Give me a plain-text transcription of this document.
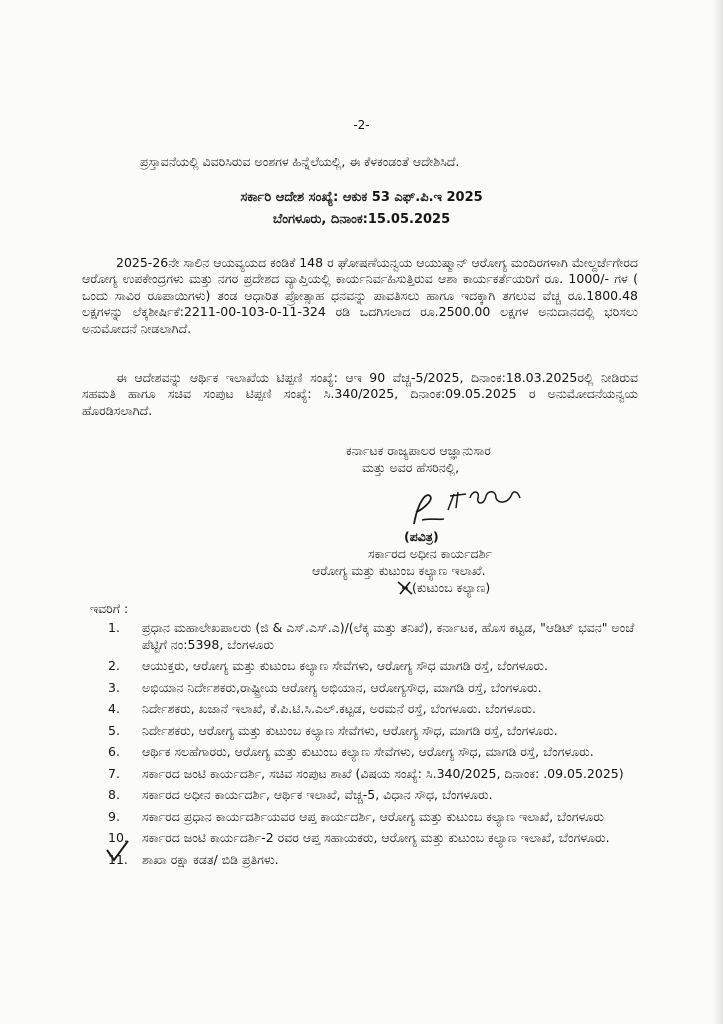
-2-
ಪ್ರಸ್ತಾವನೆಯಲ್ಲಿ ವಿವರಿಸಿರುವ ಅಂಶಗಳ ಹಿನ್ನೆಲೆಯಲ್ಲಿ, ಈ ಕೆಳಕಂಡಂತೆ ಆದೇಶಿಸಿದೆ.
ಸರ್ಕಾರಿ ಆದೇಶ ಸಂಖ್ಯೆ: ಆಕುಕ 53 ಎಫ್.ಪಿ.ಇ 2025
ಬೆಂಗಳೂರು, ದಿನಾಂಕ:15.05.2025

2025-26ನೇ ಸಾಲಿನ ಆಯವ್ಯಯದ ಕಂಡಿಕೆ 148 ರ ಘೋಷಣೆಯನ್ವಯ ಆಯುಷ್ಮಾನ್ ಆರೋಗ್ಯ ಮಂದಿರಗಳಾಗಿ ಮೇಲ್ದರ್ಜೆಗೇರದ ಆರೋಗ್ಯ ಉಪಕೇಂದ್ರಗಳು ಮತ್ತು ನಗರ ಪ್ರದೇಶದ ವ್ಯಾಪ್ತಿಯಲ್ಲಿ ಕಾರ್ಯನಿರ್ವಹಿಸುತ್ತಿರುವ ಆಶಾ ಕಾರ್ಯಕರ್ತೆಯರಿಗೆ ರೂ. 1000/- ಗಳ ( ಒಂದು ಸಾವಿರ ರೂಪಾಯಿಗಳು) ತಂಡ ಆಧಾರಿತ ಪ್ರೋತ್ಸಾಹ ಧನವನ್ನು ಪಾವತಿಸಲು ಹಾಗೂ ಇದಕ್ಕಾಗಿ ತಗಲುವ ವೆಚ್ಚ ರೂ.1800.48 ಲಕ್ಷಗಳನ್ನು ಲೆಕ್ಕಶೀರ್ಷಿಕೆ:2211-00-103-0-11-324 ರಡಿ ಒದಗಿಸಲಾದ ರೂ.2500.00 ಲಕ್ಷಗಳ ಅನುದಾನದಲ್ಲಿ ಭರಿಸಲು ಅನುಮೋದನೆ ನೀಡಲಾಗಿದೆ.

ಈ ಆದೇಶವನ್ನು ಆರ್ಥಿಕ ಇಲಾಖೆಯ ಟಿಪ್ಪಣಿ ಸಂಖ್ಯೆ: ಆಇ 90 ವೆಚ್ಚ-5/2025, ದಿನಾಂಕ:18.03.2025ರಲ್ಲಿ ನೀಡಿರುವ ಸಹಮತಿ ಹಾಗೂ ಸಚಿವ ಸಂಪುಟ ಟಿಪ್ಪಣಿ ಸಂಖ್ಯೆ: ಸಿ.340/2025, ದಿನಾಂಕ:09.05.2025 ರ ಅನುಮೋದನೆಯನ್ವಯ ಹೊರಡಿಸಲಾಗಿದೆ.

ಕರ್ನಾಟಕ ರಾಜ್ಯಪಾಲರ ಆಜ್ಞಾನುಸಾರ
ಮತ್ತು ಅವರ ಹೆಸರಿನಲ್ಲಿ,
(ಪವಿತ್ರ)
ಸರ್ಕಾರದ ಅಧೀನ ಕಾರ್ಯದರ್ಶಿ
ಆರೋಗ್ಯ ಮತ್ತು ಕುಟುಂಬ ಕಲ್ಯಾಣ ಇಲಾಖೆ.
(ಕುಟುಂಬ ಕಲ್ಯಾಣ)
ಇವರಿಗೆ :
1. ಪ್ರಧಾನ ಮಹಾಲೇಖಪಾಲರು (ಜಿ & ಎಸ್.ಎಸ್.ಎ)/(ಲೆಕ್ಕ ಮತ್ತು ತನಿಖೆ), ಕರ್ನಾಟಕ, ಹೊಸ ಕಟ್ಟಡ, "ಆಡಿಟ್ ಭವನ" ಅಂಚೆ ಪೆಟ್ಟಿಗೆ ನಂ:5398, ಬೆಂಗಳೂರು
2. ಆಯುಕ್ತರು, ಆರೋಗ್ಯ ಮತ್ತು ಕುಟುಂಬ ಕಲ್ಯಾಣ ಸೇವೆಗಳು, ಆರೋಗ್ಯ ಸೌಧ ಮಾಗಡಿ ರಸ್ತೆ, ಬೆಂಗಳೂರು.
3. ಅಭಿಯಾನ ನಿರ್ದೇಶಕರು,ರಾಷ್ಟ್ರೀಯ ಆರೋಗ್ಯ ಅಭಿಯಾನ, ಆರೋಗ್ಯಸೌಧ, ಮಾಗಡಿ ರಸ್ತೆ, ಬೆಂಗಳೂರು.
4. ನಿರ್ದೇಶಕರು, ಖಜಾನೆ ಇಲಾಖೆ, ಕೆ.ಪಿ.ಟಿ.ಸಿ.ಎಲ್.ಕಟ್ಟಡ, ಅರಮನೆ ರಸ್ತೆ, ಬೆಂಗಳೂರು. ಬೆಂಗಳೂರು.
5. ನಿರ್ದೇಶಕರು, ಆರೋಗ್ಯ ಮತ್ತು ಕುಟುಂಬ ಕಲ್ಯಾಣ ಸೇವೆಗಳು, ಆರೋಗ್ಯ ಸೌಧ, ಮಾಗಡಿ ರಸ್ತೆ, ಬೆಂಗಳೂರು.
6. ಆರ್ಥಿಕ ಸಲಹೆಗಾರರು, ಆರೋಗ್ಯ ಮತ್ತು ಕುಟುಂಬ ಕಲ್ಯಾಣ ಸೇವೆಗಳು, ಆರೋಗ್ಯ ಸೌಧ, ಮಾಗಡಿ ರಸ್ತೆ, ಬೆಂಗಳೂರು.
7. ಸರ್ಕಾರದ ಜಂಟಿ ಕಾರ್ಯದರ್ಶಿ, ಸಚಿವ ಸಂಪುಟ ಶಾಖೆ (ವಿಷಯ ಸಂಖ್ಯೆ: ಸಿ.340/2025, ದಿನಾಂಕ: .09.05.2025)
8. ಸರ್ಕಾರದ ಅಧೀನ ಕಾರ್ಯದರ್ಶಿ, ಆರ್ಥಿಕ ಇಲಾಖೆ, ವೆಚ್ಚ-5, ವಿಧಾನ ಸೌಧ, ಬೆಂಗಳೂರು.
9. ಸರ್ಕಾರದ ಪ್ರಧಾನ ಕಾರ್ಯದರ್ಶಿಯವರ ಆಪ್ತ ಕಾರ್ಯದರ್ಶಿ, ಆರೋಗ್ಯ ಮತ್ತು ಕುಟುಂಬ ಕಲ್ಯಾಣ ಇಲಾಖೆ, ಬೆಂಗಳೂರು
10. ಸರ್ಕಾರದ ಜಂಟಿ ಕಾರ್ಯದರ್ಶಿ-2 ರವರ ಆಪ್ತ ಸಹಾಯಕರು, ಆರೋಗ್ಯ ಮತ್ತು ಕುಟುಂಬ ಕಲ್ಯಾಣ ಇಲಾಖೆ, ಬೆಂಗಳೂರು.
11. ಶಾಖಾ ರಕ್ಷಾ ಕಡತ/ ಬಿಡಿ ಪ್ರತಿಗಳು.
